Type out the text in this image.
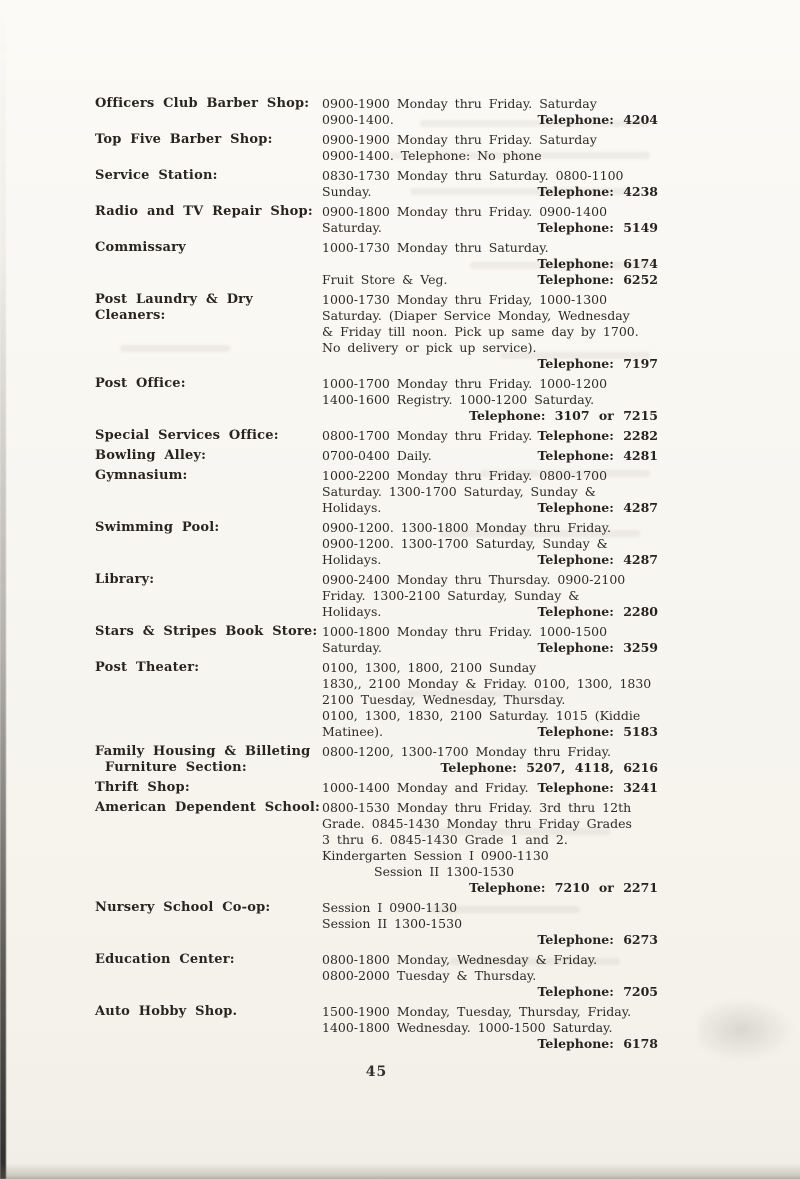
Officers Club Barber Shop:	0900-1900 Monday thru Friday. Saturday
0900-1400.	Telephone: 4204
Top Five Barber Shop:	0900-1900 Monday thru Friday. Saturday
0900-1400. Telephone: No phone
Service Station:	0830-1730 Monday thru Saturday. 0800-1100
Sunday.	Telephone: 4238
Radio and TV Repair Shop: 0900-1800 Monday thru Friday. 0900-1400
Saturday.	Telephone: 5149
Commissary	1000-1730 Monday thru Saturday.
Telephone: 6174
Fruit Store & Veg.	Telephone: 6252
Post Laundry & Dry Cleaners:
1000-1730 Monday thru Friday, 1000-1300
Saturday. (Diaper Service Monday, Wednesday
& Friday till noon. Pick up same day by 1700.
No delivery or pick up service).
Telephone: 7197
Post Office:	1000-1700 Monday thru Friday. 1000-1200
1400-1600 Registry. 1000-1200 Saturday.
Telephone: 3107 or 7215
Special Services Office:	0800-1700 Monday thru Friday. Telephone: 2282
Bowling Alley:	0700-0400 Daily.	Telephone: 4281
Gymnasium:	1000-2200 Monday thru Friday. 0800-1700
Saturday. 1300-1700 Saturday, Sunday &
Holidays.	Telephone: 4287
Swimming Pool:	0900-1200. 1300-1800 Monday thru Friday.
0900-1200. 1300-1700 Saturday, Sunday &
Holidays.	Telephone: 4287
Library:	0900-2400 Monday thru Thursday. 0900-2100
Friday. 1300-2100 Saturday, Sunday &
Holidays.	Telephone: 2280
Stars & Stripes Book Store: 1000-1800 Monday thru Friday. 1000-1500
Saturday.	Telephone: 3259
Post Theater:	0100, 1300, 1800, 2100 Sunday
1830,, 2100 Monday & Friday. 0100, 1300, 1830
2100 Tuesday, Wednesday, Thursday.
0100, 1300, 1830, 2100 Saturday. 1015 (Kiddie
Matinee).	Telephone: 5183
Family Housing & Billeting
Furniture Section:
0800-1200, 1300-1700 Monday thru Friday.
Telephone: 5207, 4118, 6216
Thrift Shop:	1000-1400 Monday and Friday. Telephone: 3241
American Dependent School: 0800-1530 Monday thru Friday. 3rd thru 12th
Grade. 0845-1430 Monday thru Friday Grades
3 thru 6. 0845-1430 Grade 1 and 2.
Kindergarten Session I 0900-1130
Session II 1300-1530
Telephone: 7210 or 2271
Nursery School Co-op:	Session I 0900-1130
Session II 1300-1530
Telephone: 6273
Education Center:	0800-1800 Monday, Wednesday & Friday.
0800-2000 Tuesday & Thursday.
Telephone: 7205
Auto Hobby Shop.	1500-1900 Monday, Tuesday, Thursday, Friday.
1400-1800 Wednesday. 1000-1500 Saturday.
Telephone: 6178
45
